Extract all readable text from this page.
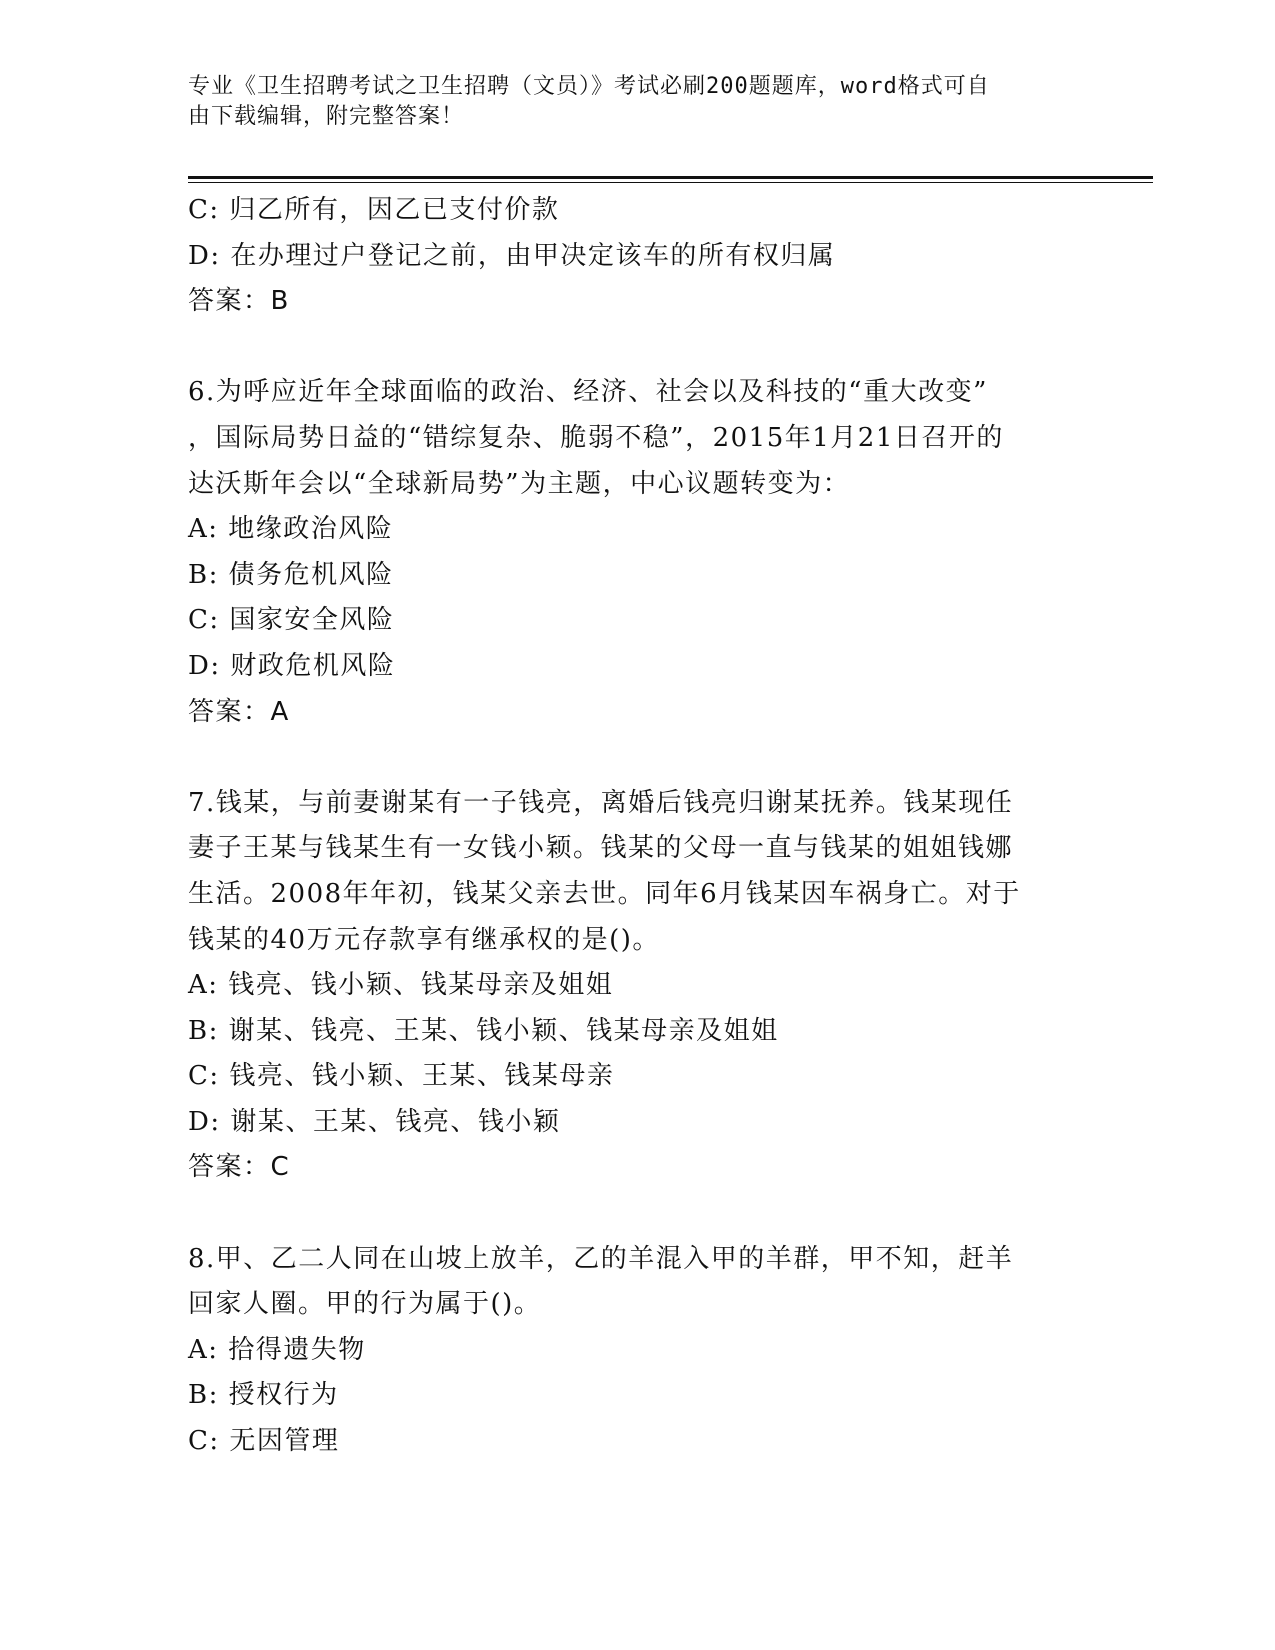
专业《卫生招聘考试之卫生招聘（文员）》考试必刷200题题库，word格式可自
由下载编辑，附完整答案！
C: 归乙所有，因乙已支付价款
D: 在办理过户登记之前，由甲决定该车的所有权归属
答案：B
6.为呼应近年全球面临的政治、经济、社会以及科技的“重大改变”
，国际局势日益的“错综复杂、脆弱不稳”，2015年1月21日召开的
达沃斯年会以“全球新局势”为主题，中心议题转变为：
A: 地缘政治风险
B: 债务危机风险
C: 国家安全风险
D: 财政危机风险
答案：A
7.钱某，与前妻谢某有一子钱亮，离婚后钱亮归谢某抚养。钱某现任
妻子王某与钱某生有一女钱小颖。钱某的父母一直与钱某的姐姐钱娜
生活。2008年年初，钱某父亲去世。同年6月钱某因车祸身亡。对于
钱某的40万元存款享有继承权的是()。
A: 钱亮、钱小颖、钱某母亲及姐姐
B: 谢某、钱亮、王某、钱小颖、钱某母亲及姐姐
C: 钱亮、钱小颖、王某、钱某母亲
D: 谢某、王某、钱亮、钱小颖
答案：C
8.甲、乙二人同在山坡上放羊，乙的羊混入甲的羊群，甲不知，赶羊
回家人圈。甲的行为属于()。
A: 拾得遗失物
B: 授权行为
C: 无因管理
